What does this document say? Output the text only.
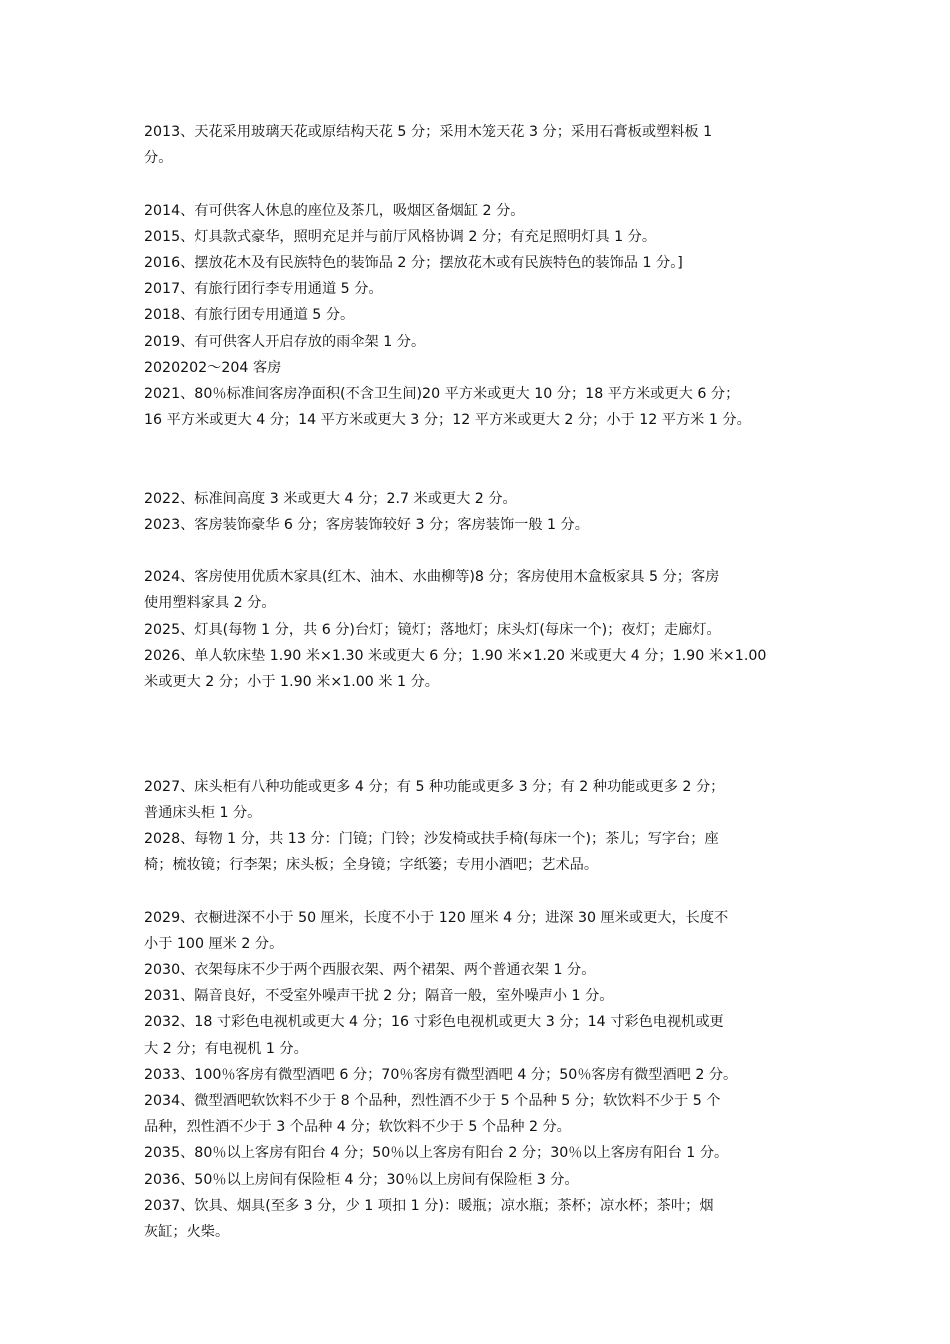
2013、天花采用玻璃天花或原结构天花 5 分；采用木笼天花 3 分；采用石膏板或塑料板 1
分。
2014、有可供客人休息的座位及茶几，吸烟区备烟缸 2 分。
2015、灯具款式豪华，照明充足并与前厅风格协调 2 分；有充足照明灯具 1 分。
2016、摆放花木及有民族特色的装饰品 2 分；摆放花木或有民族特色的装饰品 1 分。]
2017、有旅行团行李专用通道 5 分。
2018、有旅行团专用通道 5 分。
2019、有可供客人开启存放的雨伞架 1 分。
2020202～204 客房
2021、80％标准间客房净面积(不含卫生间)20 平方米或更大 10 分；18 平方米或更大 6 分；
16 平方米或更大 4 分；14 平方米或更大 3 分；12 平方米或更大 2 分；小于 12 平方米 1 分。
2022、标准间高度 3 米或更大 4 分；2.7 米或更大 2 分。
2023、客房装饰豪华 6 分；客房装饰较好 3 分；客房装饰一般 1 分。
2024、客房使用优质木家具(红木、油木、水曲柳等)8 分；客房使用木盒板家具 5 分；客房
使用塑料家具 2 分。
2025、灯具(每物 1 分，共 6 分)台灯；镜灯；落地灯；床头灯(每床一个)；夜灯；走廊灯。
2026、单人软床垫 1.90 米×1.30 米或更大 6 分；1.90 米×1.20 米或更大 4 分；1.90 米×1.00
米或更大 2 分；小于 1.90 米×1.00 米 1 分。
2027、床头柜有八种功能或更多 4 分；有 5 种功能或更多 3 分；有 2 种功能或更多 2 分；
普通床头柜 1 分。
2028、每物 1 分，共 13 分：门镜；门铃；沙发椅或扶手椅(每床一个)；茶儿；写字台；座
椅；梳妆镜；行李架；床头板；全身镜；字纸篓；专用小酒吧；艺术品。
2029、衣橱进深不小于 50 厘米，长度不小于 120 厘米 4 分；进深 30 厘米或更大，长度不
小于 100 厘米 2 分。
2030、衣架每床不少于两个西服衣架、两个裙架、两个普通衣架 1 分。
2031、隔音良好，不受室外噪声干扰 2 分；隔音一般，室外噪声小 1 分。
2032、18 寸彩色电视机或更大 4 分；16 寸彩色电视机或更大 3 分；14 寸彩色电视机或更
大 2 分；有电视机 1 分。
2033、100％客房有微型酒吧 6 分；70％客房有微型酒吧 4 分；50％客房有微型酒吧 2 分。
2034、微型酒吧软饮料不少于 8 个品种，烈性酒不少于 5 个品种 5 分；软饮料不少于 5 个
品种，烈性酒不少于 3 个品种 4 分；软饮料不少于 5 个品种 2 分。
2035、80％以上客房有阳台 4 分；50％以上客房有阳台 2 分；30％以上客房有阳台 1 分。
2036、50％以上房间有保险柜 4 分；30％以上房间有保险柜 3 分。
2037、饮具、烟具(至多 3 分，少 1 项扣 1 分)：暖瓶；凉水瓶；茶杯；凉水杯；茶叶；烟
灰缸；火柴。
